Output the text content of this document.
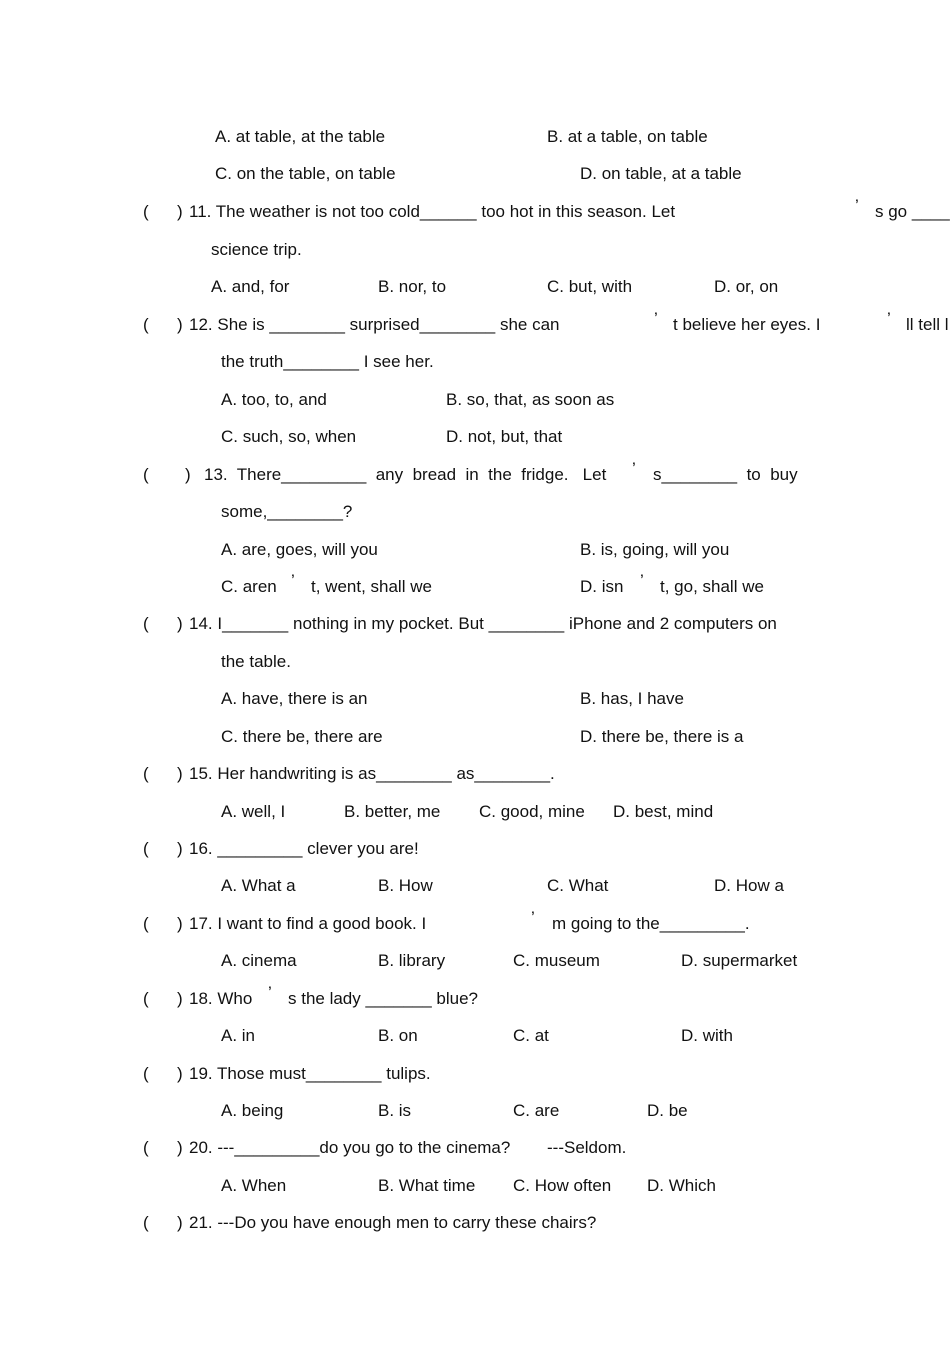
A. at table, at the table	B. at a table, on table
C. on the table, on table	D. on table, at a table
( ) 11. The weather is not too cold______ too hot in this season. Let	’ s go ____
science trip.
A. and, for	B. nor, to	C. but, with	D. or, on
( ) 12. She is ________ surprised________ she can	’ t believe her eyes. I	’ ll tell l
the truth________ I see her.
A. too, to, and	B. so, that, as soon as
C. such, so, when	D. not, but, that
( ) 13.  There_________  any  bread  in  the  fridge.   Let ’ s________  to  buy
some,________?
A. are, goes, will you	B. is, going, will you
C. aren ’ t, went, shall we	D. isn ’ t, go, shall we
( ) 14. I_______ nothing in my pocket. But ________ iPhone and 2 computers on
the table.
A. have, there is an	B. has, I have
C. there be, there are	D. there be, there is a
( ) 15. Her handwriting is as________ as________.
A. well, I	B. better, me C. good, mine D. best, mind
( ) 16. _________ clever you are!
A. What a	B. How	C. What	D. How a
( ) 17. I want to find a good book. I	’ m going to the_________.
A. cinema	B. library	C. museum	D. supermarket
( ) 18. Who ’ s the lady _______ blue?
A. in	B. on	C. at	D. with
( ) 19. Those must________ tulips.
A. being	B. is	C. are	D. be
( ) 20. ---_________do you go to the cinema? ---Seldom.
A. When	B. What time C. How often D. Which
( ) 21. ---Do you have enough men to carry these chairs?
